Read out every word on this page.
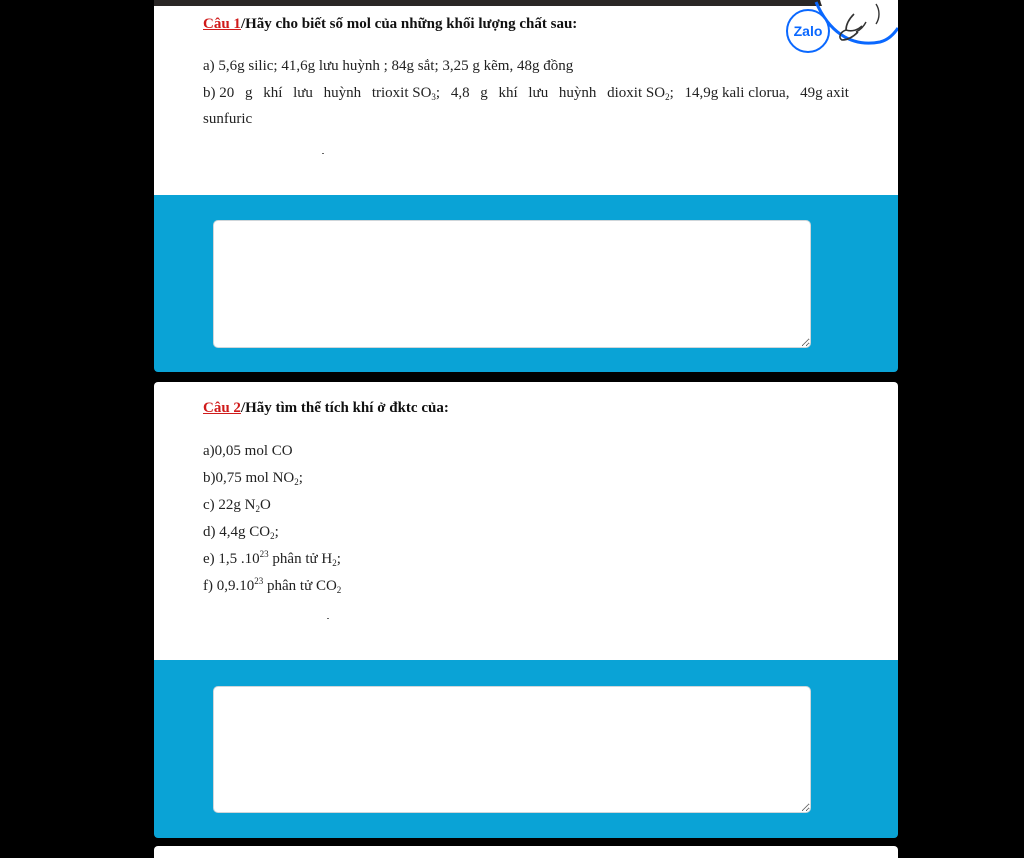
Câu 1/Hãy cho biết số mol của những khối lượng chất sau:
a) 5,6g silic; 41,6g lưu huỳnh ; 84g sắt; 3,25 g kẽm, 48g đồng
b) 20 g khí lưu huỳnh trioxit $SO_3$; 4,8 g khí lưu huỳnh dioxit $SO_2$; 14,9g kali clorua, 49g axit
sunfuric
Zalo
Câu 2/Hãy tìm thể tích khí ở đktc của:
a)0,05 mol CO
b)0,75 mol $NO_2$;
c) 22g $N_2O$
d) 4,4g $CO_2$;
e) 1,5 $.10^{23}$ phân tử $H_2$;
f) 0,9.10$^{23}$ phân tử $CO_2$
